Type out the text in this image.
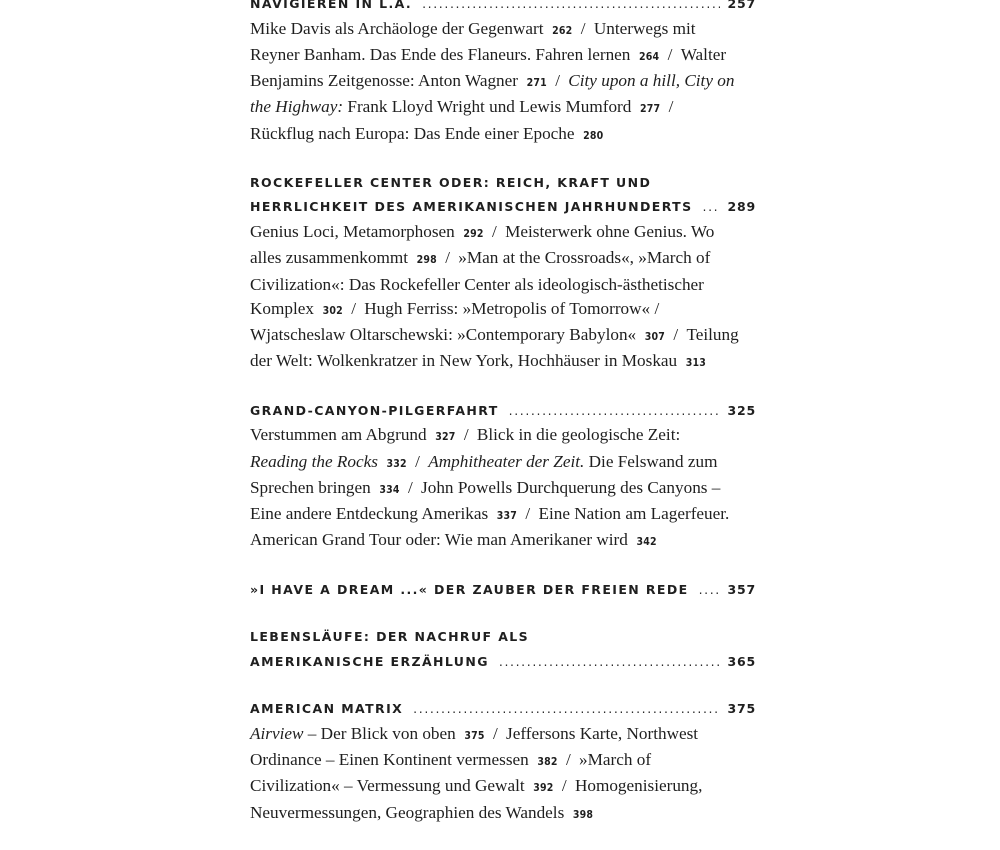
NAVIGIEREN IN L.A. .....	257
Mike Davis als Archäologe der Gegenwart 262 / Unterwegs mit Reyner Banham. Das Ende des Flaneurs. Fahren lernen 264 / Walter Benjamins Zeitgenosse: Anton Wagner 271 / City upon a hill, City on the Highway: Frank Lloyd Wright und Lewis Mumford 277 / Rückflug nach Europa: Das Ende einer Epoche 280
ROCKEFELLER CENTER ODER: REICH, KRAFT UND
HERRLICHKEIT DES AMERIKANISCHEN JAHRHUNDERTS .....	289
Genius Loci, Metamorphosen 292 / Meisterwerk ohne Genius. Wo alles zusammenkommt 298 / »Man at the Crossroads«, »March of Civilization«: Das Rockefeller Center als ideologisch-ästhetischer Komplex 302 / Hugh Ferriss: »Metropolis of Tomorrow« / Wjatscheslaw Oltarschewski: »Contemporary Babylon« 307 / Teilung der Welt: Wolkenkratzer in New York, Hochhäuser in Moskau 313
GRAND-CANYON-PILGERFAHRT .....	325
Verstummen am Abgrund 327 / Blick in die geologische Zeit: Reading the Rocks 332 / Amphitheater der Zeit. Die Felswand zum Sprechen bringen 334 / John Powells Durchquerung des Canyons – Eine andere Entdeckung Amerikas 337 / Eine Nation am Lagerfeuer. American Grand Tour oder: Wie man Amerikaner wird 342
»I HAVE A DREAM ...« DER ZAUBER DER FREIEN REDE .....	357
LEBENSLÄUFE: DER NACHRUF ALS
AMERIKANISCHE ERZÄHLUNG .....	365
AMERICAN MATRIX .....	375
Airview – Der Blick von oben 375 / Jeffersons Karte, Northwest Ordinance – Einen Kontinent vermessen 382 / »March of Civilization« – Vermessung und Gewalt 392 / Homogenisierung, Neuvermessungen, Geographien des Wandels 398
